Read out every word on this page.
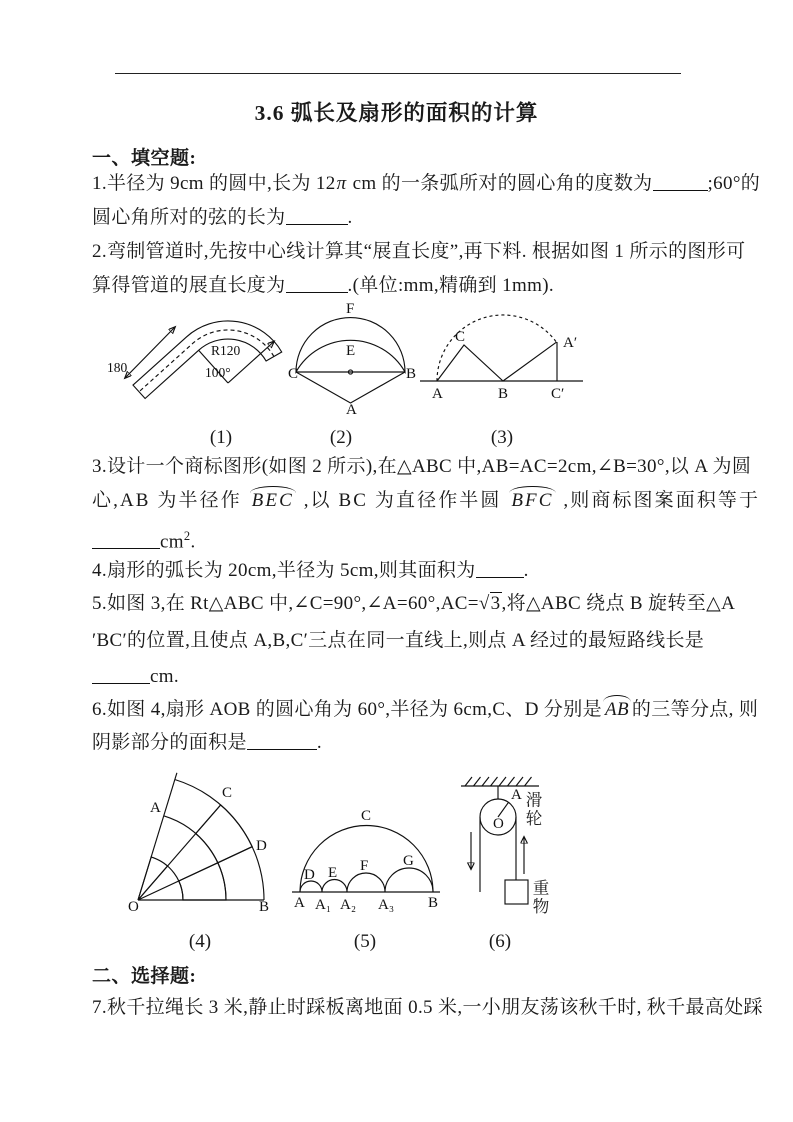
3.6 弧长及扇形的面积的计算
一、填空题:
1.半径为 9cm 的圆中,长为 12π cm 的一条弧所对的圆心角的度数为	;60°的
圆心角所对的弦的长为	.
2.弯制管道时,先按中心线计算其“展直长度”,再下料. 根据如图 1 所示的图形可
算得管道的展直长度为	.(单位:mm,精确到 1mm).
180
R120
100°	C	B
A
E
F
A	B	C′
C	A′
(1)	(2)	(3)
3.设计一个商标图形(如图 2 所示),在△ABC 中,AB=AC=2cm,∠B=30°,以 A 为圆
心,AB 为半径作 BEC ,以 BC 为直径作半圆 BFC ,则商标图案面积等于
$cm^2$.
4.扇形的弧长为 20cm,半径为 5cm,则其面积为	.
5.如图 3,在 Rt△ABC 中,∠C=90°,∠A=60°,AC=√3,将△ABC 绕点 B 旋转至△A
′BC′的位置,且使点 A,B,C′三点在同一直线上,则点 A 经过的最短路线长是
cm.
6.如图 4,扇形 AOB 的圆心角为 60°,半径为 6cm,C、D 分别是 AB 的三等分点, 则
阴影部分的面积是	.
O	B
A
C
D
A A₁ A₂ A₃ B
C
D E F G
A
O 滑轮
重物
(4)	(5)	(6)
二、选择题:
7.秋千拉绳长 3 米,静止时踩板离地面 0.5 米,一小朋友荡该秋千时, 秋千最高处踩
